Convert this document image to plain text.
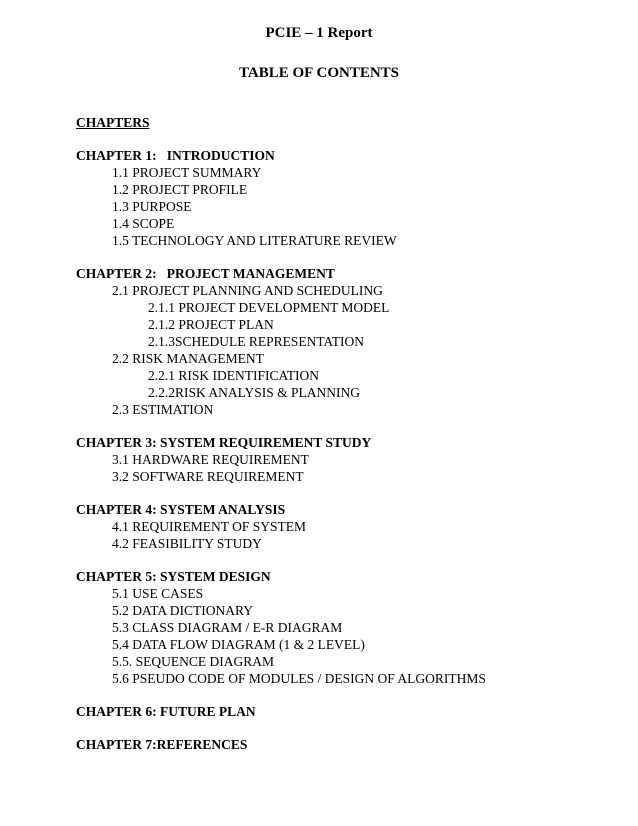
PCIE – 1 Report
TABLE OF CONTENTS
CHAPTERS
CHAPTER 1:   INTRODUCTION
1.1 PROJECT SUMMARY
1.2 PROJECT PROFILE
1.3 PURPOSE
1.4 SCOPE
1.5 TECHNOLOGY AND LITERATURE REVIEW
CHAPTER 2:   PROJECT MANAGEMENT
2.1 PROJECT PLANNING AND SCHEDULING
2.1.1 PROJECT DEVELOPMENT MODEL
2.1.2 PROJECT PLAN
2.1.3SCHEDULE REPRESENTATION
2.2 RISK MANAGEMENT
2.2.1 RISK IDENTIFICATION
2.2.2RISK ANALYSIS & PLANNING
2.3 ESTIMATION
CHAPTER 3: SYSTEM REQUIREMENT STUDY
3.1 HARDWARE REQUIREMENT
3.2 SOFTWARE REQUIREMENT
CHAPTER 4: SYSTEM ANALYSIS
4.1 REQUIREMENT OF SYSTEM
4.2 FEASIBILITY STUDY
CHAPTER 5: SYSTEM DESIGN
5.1 USE CASES
5.2 DATA DICTIONARY
5.3 CLASS DIAGRAM / E-R DIAGRAM
5.4 DATA FLOW DIAGRAM (1 & 2 LEVEL)
5.5. SEQUENCE DIAGRAM
5.6 PSEUDO CODE OF MODULES / DESIGN OF ALGORITHMS
CHAPTER 6: FUTURE PLAN
CHAPTER 7:REFERENCES
